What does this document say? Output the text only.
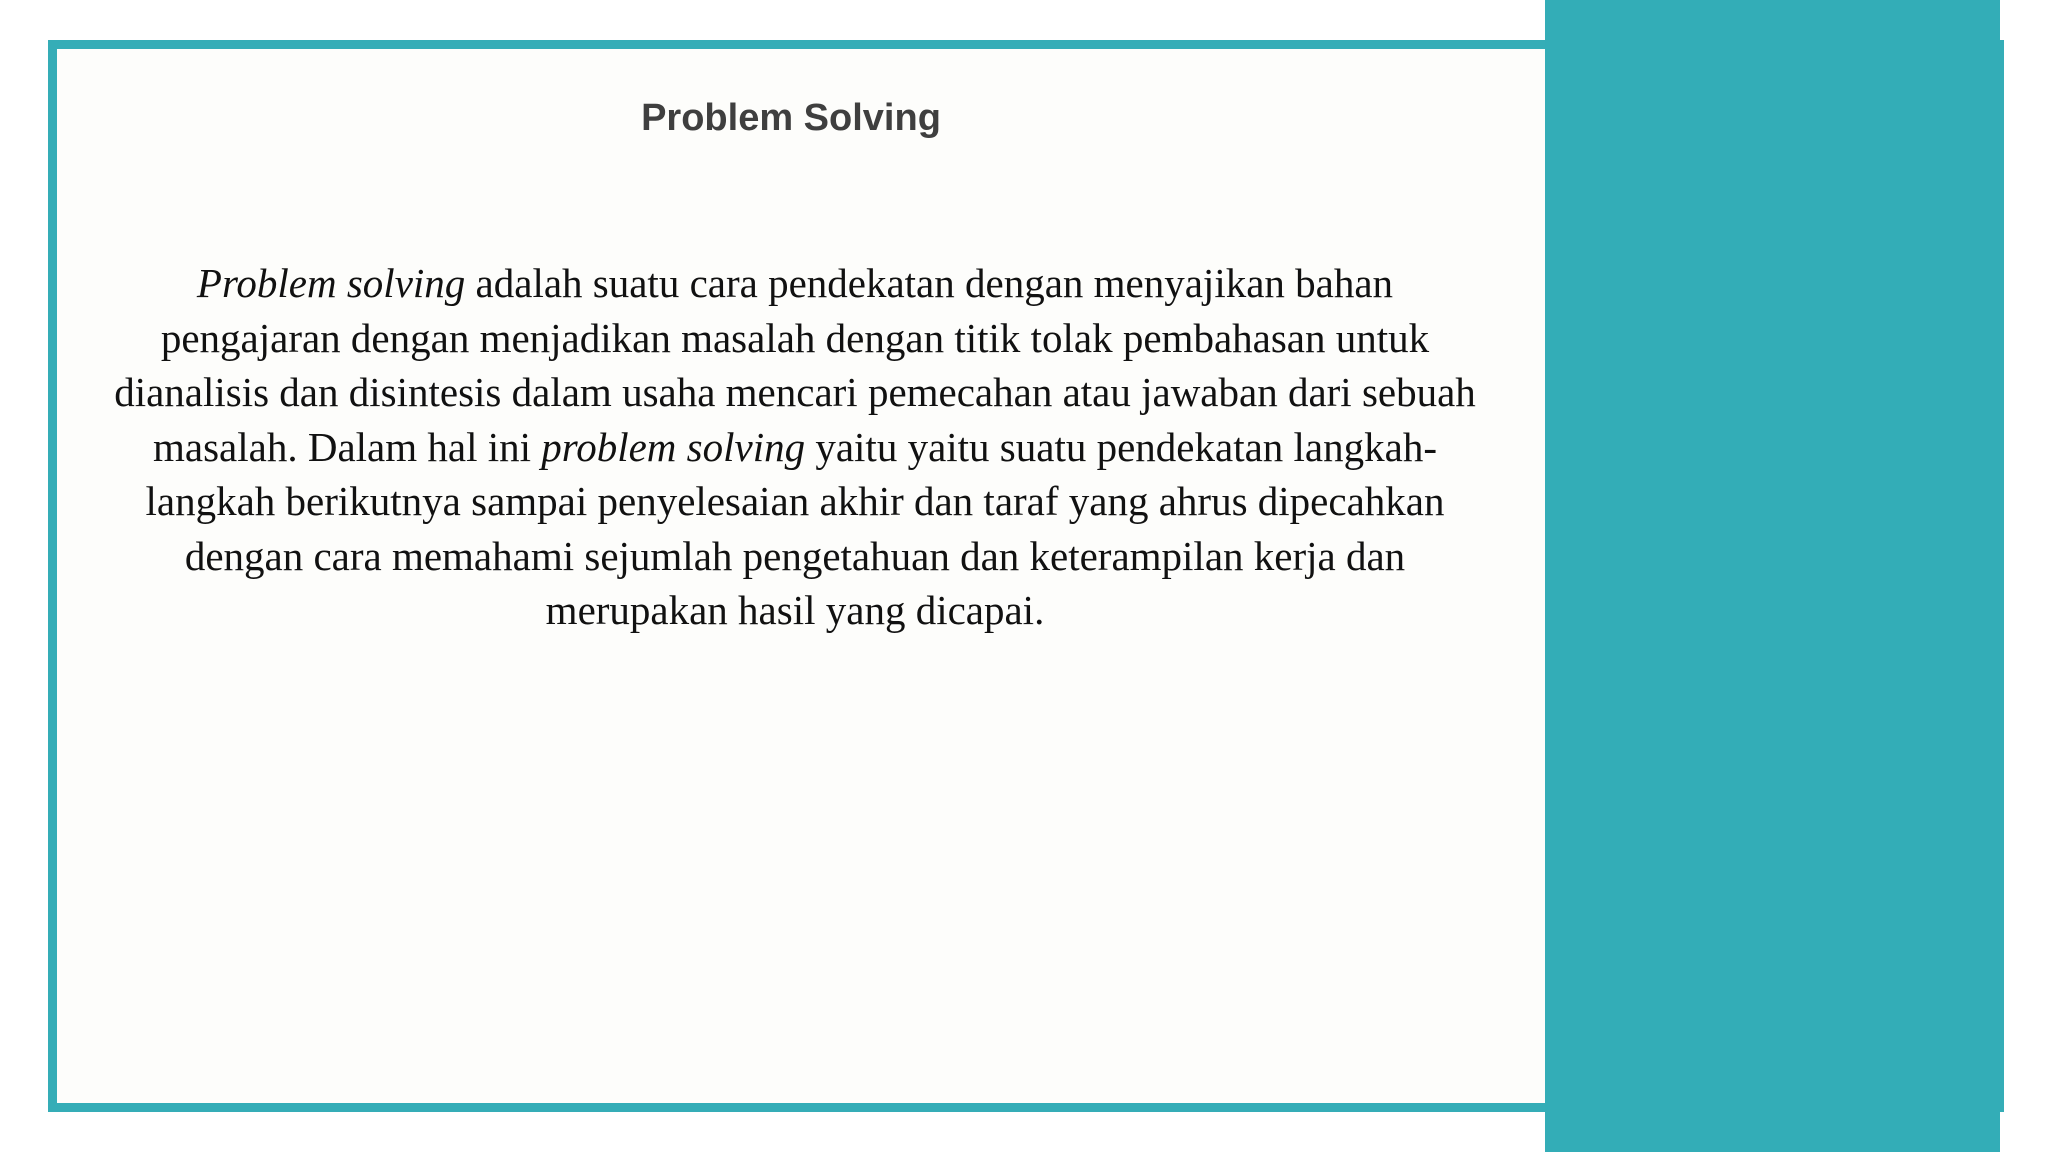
Problem Solving

Problem solving adalah suatu cara pendekatan dengan menyajikan bahan pengajaran dengan menjadikan masalah dengan titik tolak pembahasan untuk dianalisis dan disintesis dalam usaha mencari pemecahan atau jawaban dari sebuah masalah. Dalam hal ini problem solving yaitu yaitu suatu pendekatan langkah-langkah berikutnya sampai penyelesaian akhir dan taraf yang ahrus dipecahkan dengan cara memahami sejumlah pengetahuan dan keterampilan kerja dan merupakan hasil yang dicapai.
